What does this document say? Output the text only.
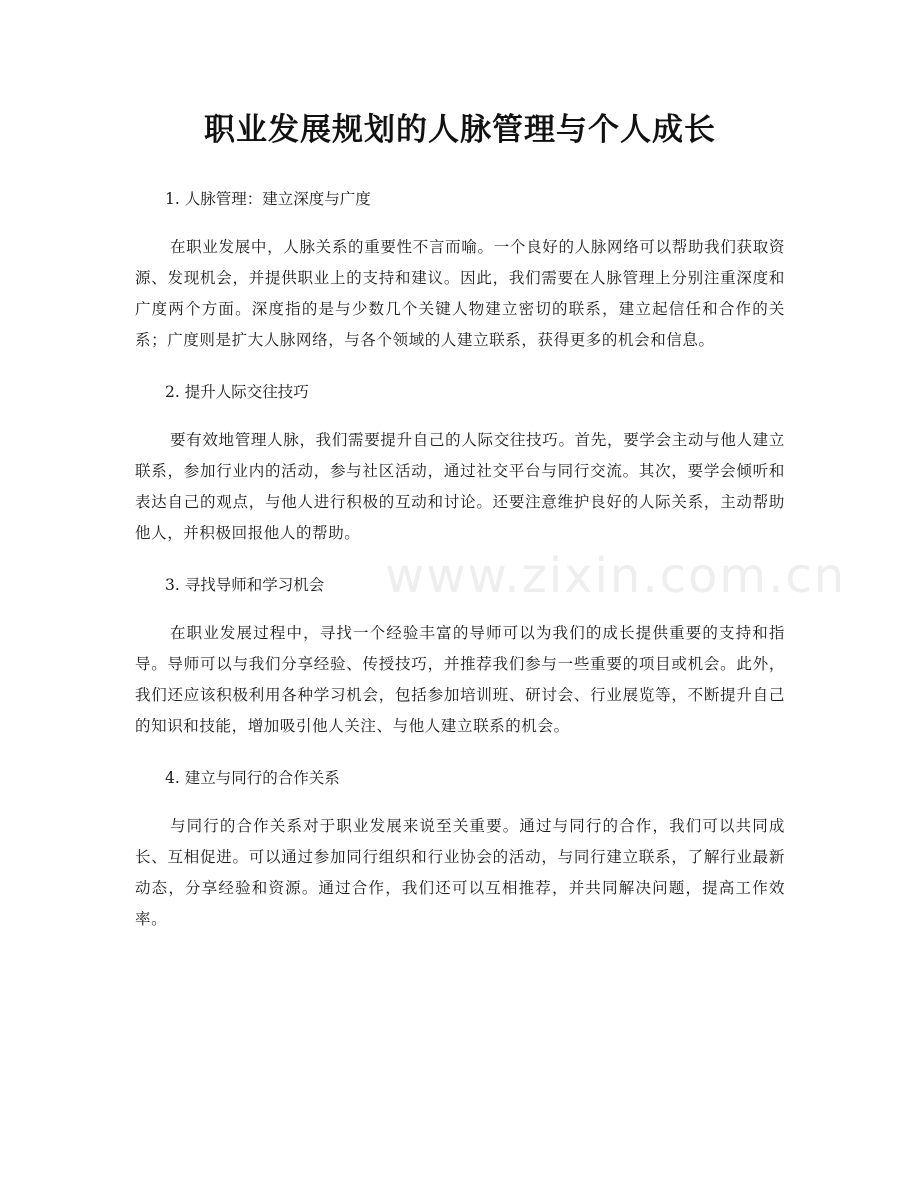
职业发展规划的人脉管理与个人成长
www.zixin.com.cn
1. 人脉管理：建立深度与广度

在职业发展中，人脉关系的重要性不言而喻。一个良好的人脉网络可以帮助我们获取资源、发现机会，并提供职业上的支持和建议。因此，我们需要在人脉管理上分别注重深度和广度两个方面。深度指的是与少数几个关键人物建立密切的联系，建立起信任和合作的关系；广度则是扩大人脉网络，与各个领域的人建立联系，获得更多的机会和信息。

2. 提升人际交往技巧

要有效地管理人脉，我们需要提升自己的人际交往技巧。首先，要学会主动与他人建立联系，参加行业内的活动，参与社区活动，通过社交平台与同行交流。其次，要学会倾听和表达自己的观点，与他人进行积极的互动和讨论。还要注意维护良好的人际关系，主动帮助他人，并积极回报他人的帮助。

3. 寻找导师和学习机会

在职业发展过程中，寻找一个经验丰富的导师可以为我们的成长提供重要的支持和指导。导师可以与我们分享经验、传授技巧，并推荐我们参与一些重要的项目或机会。此外，我们还应该积极利用各种学习机会，包括参加培训班、研讨会、行业展览等，不断提升自己的知识和技能，增加吸引他人关注、与他人建立联系的机会。

4. 建立与同行的合作关系

与同行的合作关系对于职业发展来说至关重要。通过与同行的合作，我们可以共同成长、互相促进。可以通过参加同行组织和行业协会的活动，与同行建立联系，了解行业最新动态，分享经验和资源。通过合作，我们还可以互相推荐，并共同解决问题，提高工作效率。
